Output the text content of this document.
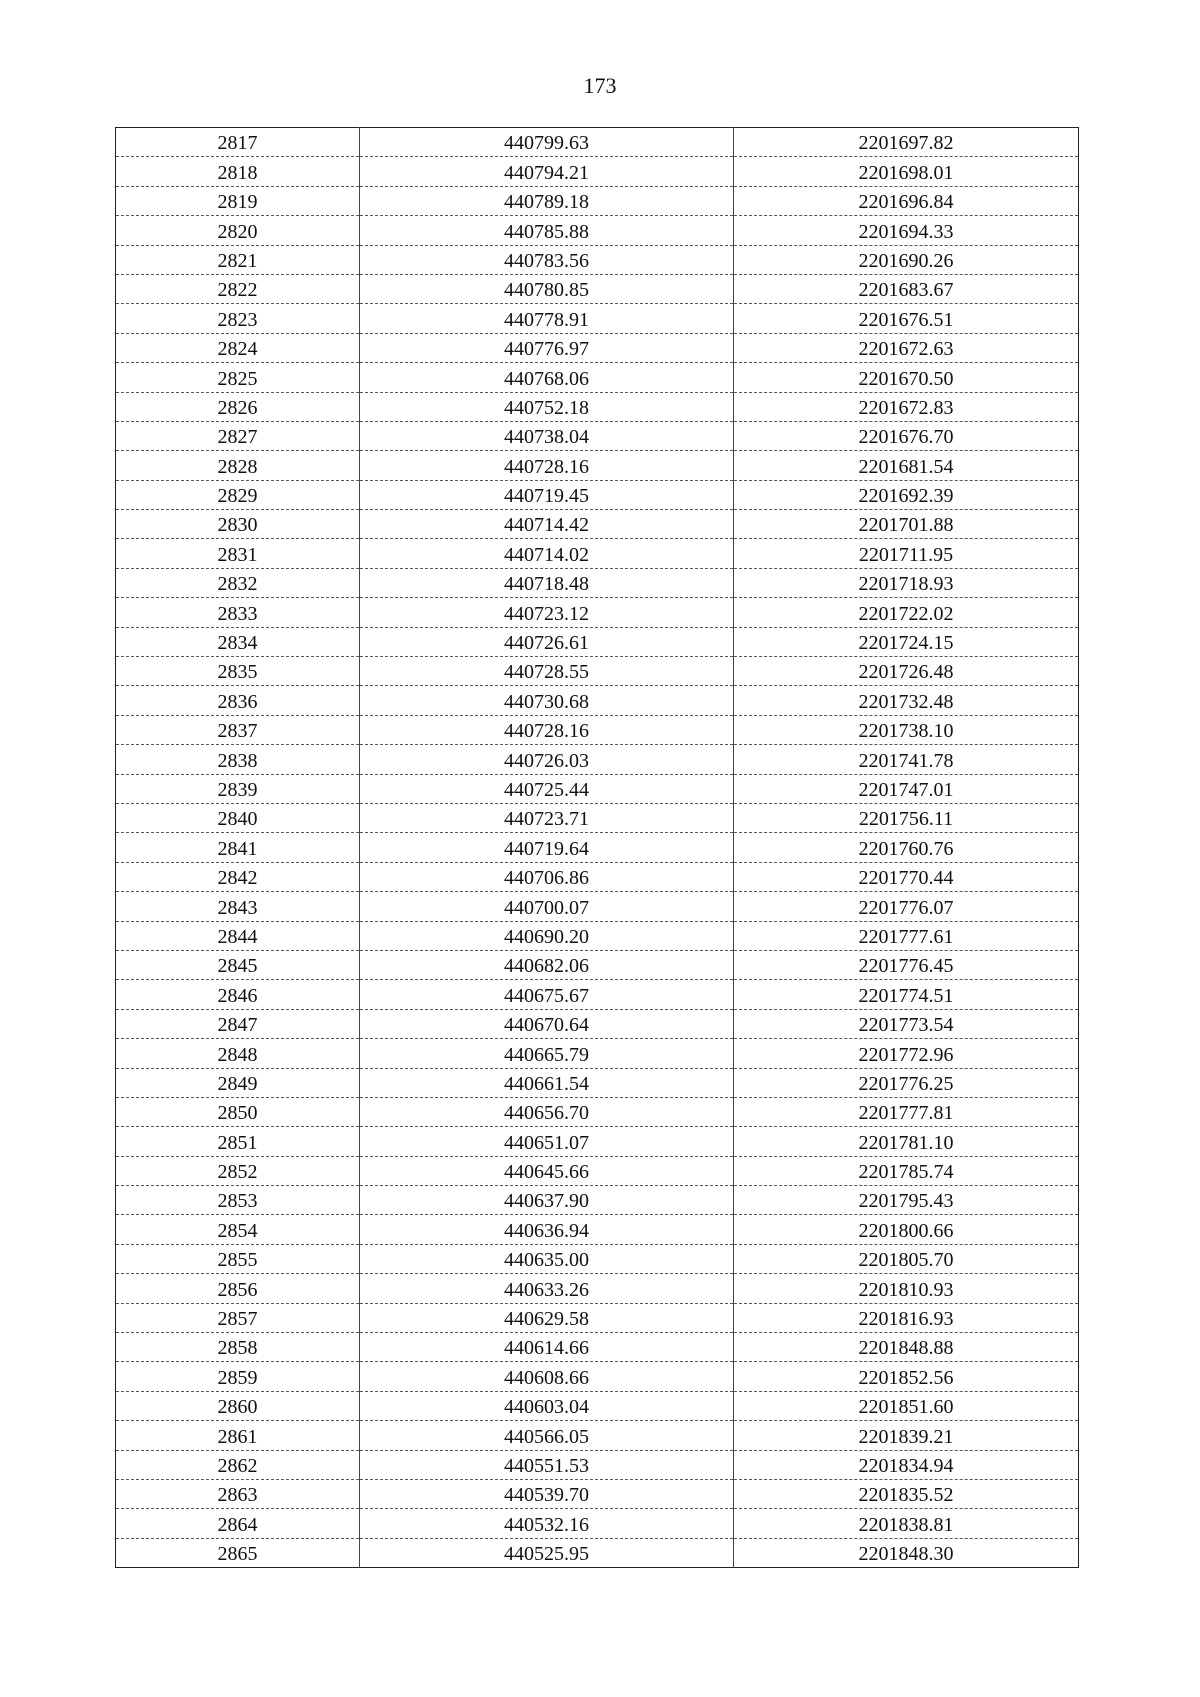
173
2817	440799.63	2201697.82
2818	440794.21	2201698.01
2819	440789.18	2201696.84
2820	440785.88	2201694.33
2821	440783.56	2201690.26
2822	440780.85	2201683.67
2823	440778.91	2201676.51
2824	440776.97	2201672.63
2825	440768.06	2201670.50
2826	440752.18	2201672.83
2827	440738.04	2201676.70
2828	440728.16	2201681.54
2829	440719.45	2201692.39
2830	440714.42	2201701.88
2831	440714.02	2201711.95
2832	440718.48	2201718.93
2833	440723.12	2201722.02
2834	440726.61	2201724.15
2835	440728.55	2201726.48
2836	440730.68	2201732.48
2837	440728.16	2201738.10
2838	440726.03	2201741.78
2839	440725.44	2201747.01
2840	440723.71	2201756.11
2841	440719.64	2201760.76
2842	440706.86	2201770.44
2843	440700.07	2201776.07
2844	440690.20	2201777.61
2845	440682.06	2201776.45
2846	440675.67	2201774.51
2847	440670.64	2201773.54
2848	440665.79	2201772.96
2849	440661.54	2201776.25
2850	440656.70	2201777.81
2851	440651.07	2201781.10
2852	440645.66	2201785.74
2853	440637.90	2201795.43
2854	440636.94	2201800.66
2855	440635.00	2201805.70
2856	440633.26	2201810.93
2857	440629.58	2201816.93
2858	440614.66	2201848.88
2859	440608.66	2201852.56
2860	440603.04	2201851.60
2861	440566.05	2201839.21
2862	440551.53	2201834.94
2863	440539.70	2201835.52
2864	440532.16	2201838.81
2865	440525.95	2201848.30
